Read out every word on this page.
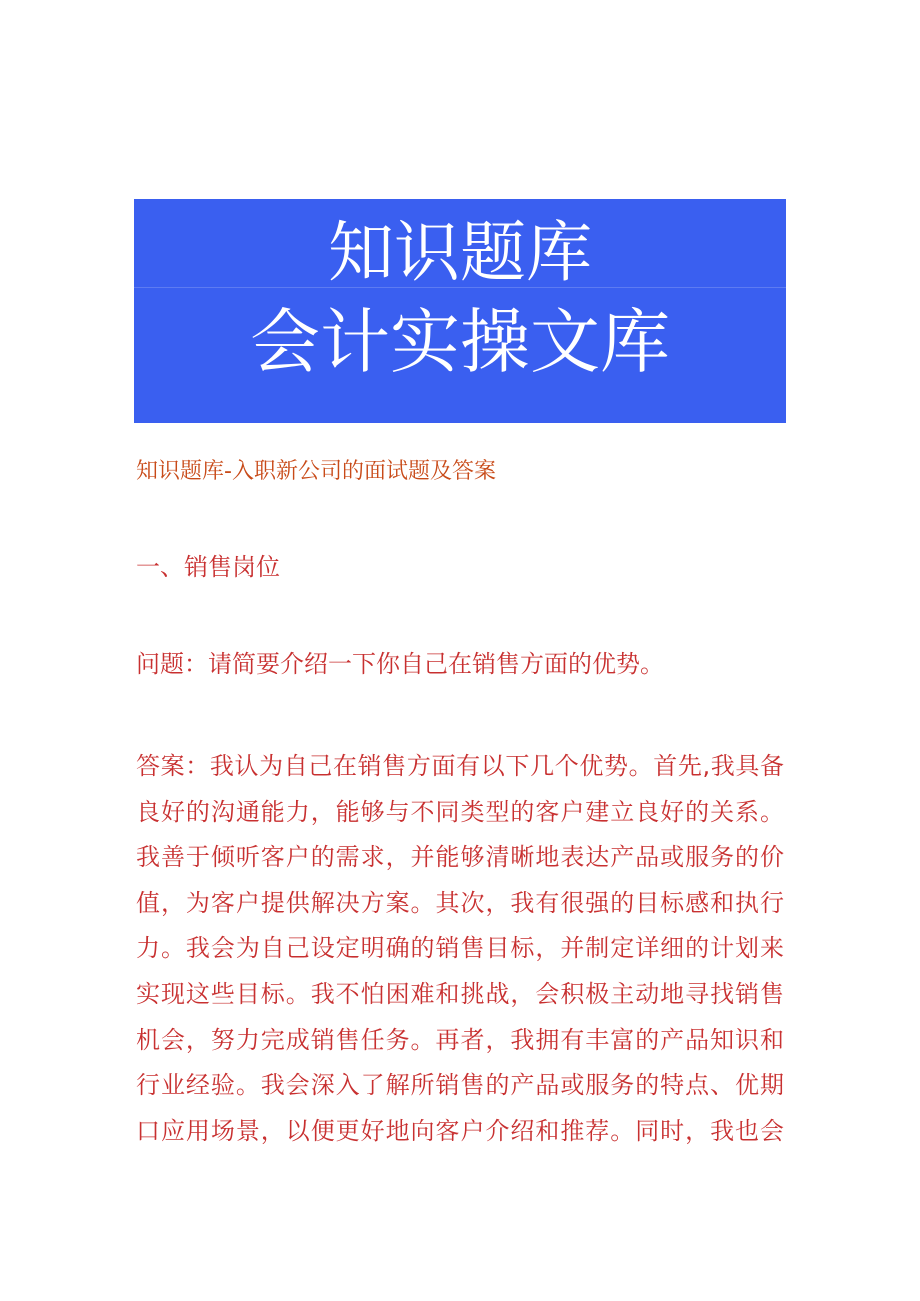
知识题库
会计实操文库
知识题库-入职新公司的面试题及答案
一、销售岗位
问题：请简要介绍一下你自己在销售方面的优势。
答案：我认为自己在销售方面有以下几个优势。首先,我具备
良好的沟通能力，能够与不同类型的客户建立良好的关系。
我善于倾听客户的需求，并能够清晰地表达产品或服务的价
值，为客户提供解决方案。其次，我有很强的目标感和执行
力。我会为自己设定明确的销售目标，并制定详细的计划来
实现这些目标。我不怕困难和挑战，会积极主动地寻找销售
机会，努力完成销售任务。再者，我拥有丰富的产品知识和
行业经验。我会深入了解所销售的产品或服务的特点、优期
口应用场景，以便更好地向客户介绍和推荐。同时，我也会
